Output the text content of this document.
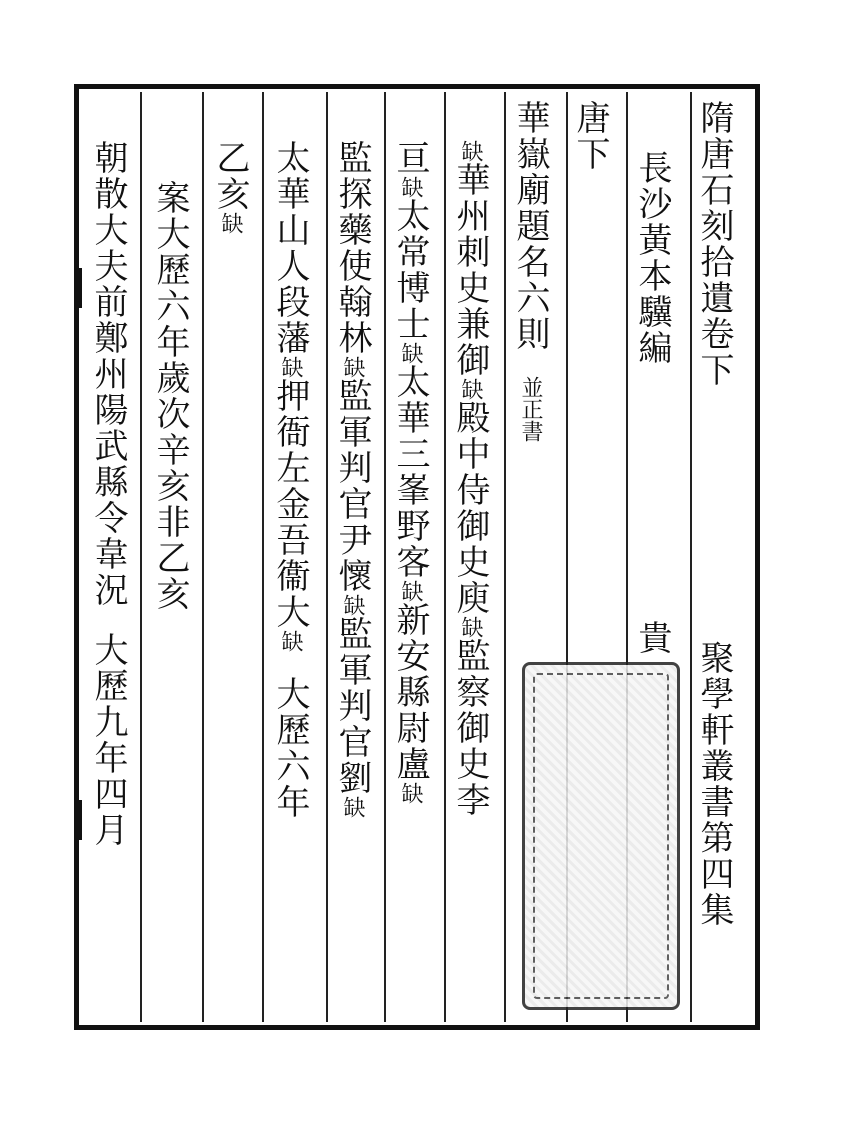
隋唐石刻拾遺卷下
聚學軒叢書第四集
長沙黃本驥編
貴
唐下
華嶽廟題名六則並正書
缺華州刺史兼御缺殿中侍御史庾缺監察御史李
亘缺太常博士缺太華三峯野客缺新安縣尉盧缺
監探藥使翰林缺監軍判官尹懷缺監軍判官劉缺
太華山人段藩缺押衙左金吾衞大缺大歷六年
乙亥缺
案大歷六年歲次辛亥非乙亥
朝散大夫前鄭州陽武縣令韋況大歷九年四月
